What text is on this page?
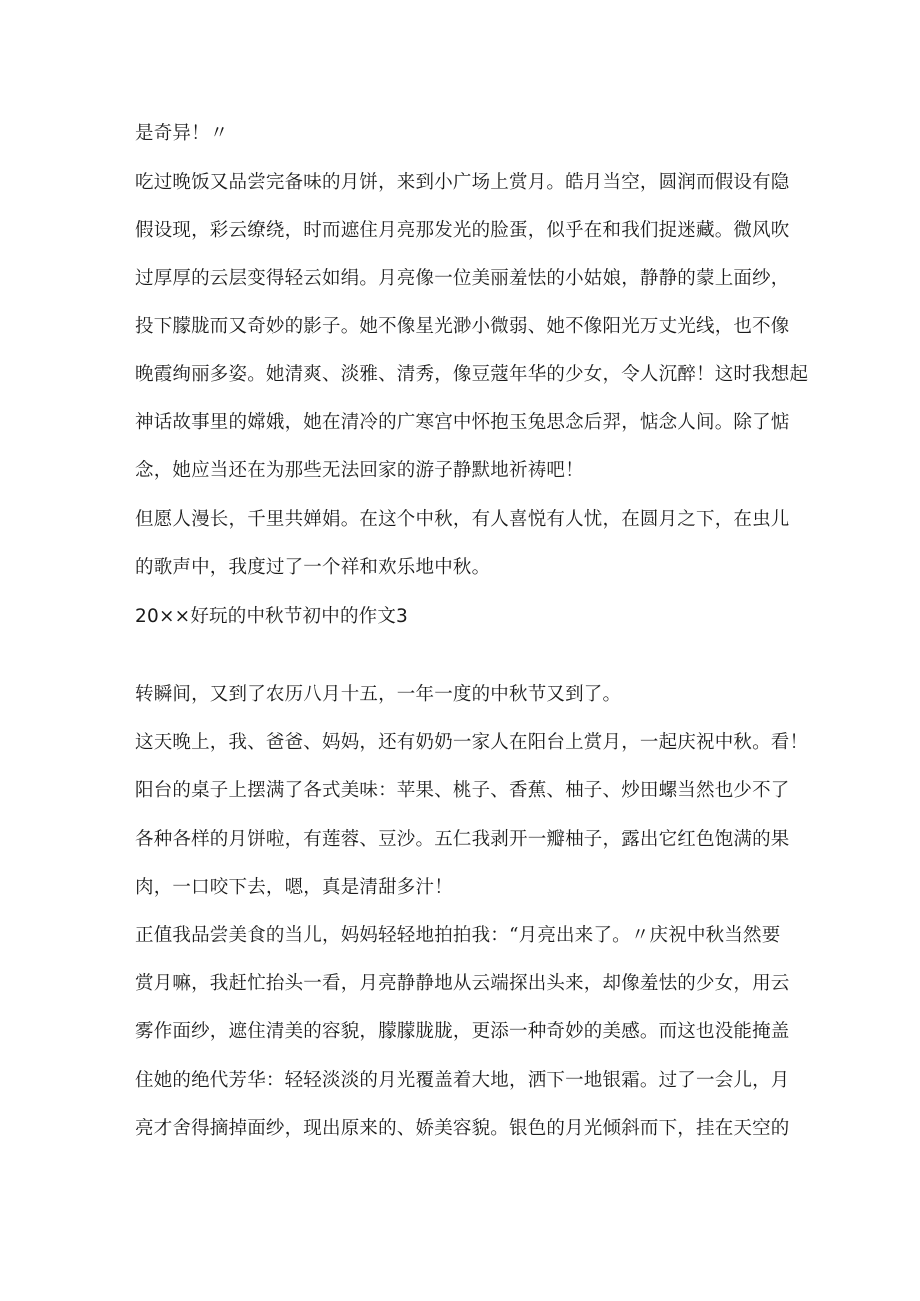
是奇异！〃
吃过晚饭又品尝完备味的月饼，来到小广场上赏月。皓月当空，圆润而假设有隐
假设现，彩云缭绕，时而遮住月亮那发光的脸蛋，似乎在和我们捉迷藏。微风吹
过厚厚的云层变得轻云如绢。月亮像一位美丽羞怯的小姑娘，静静的蒙上面纱，
投下朦胧而又奇妙的影子。她不像星光渺小微弱、她不像阳光万丈光线，也不像
晚霞绚丽多姿。她清爽、淡雅、清秀，像豆蔻年华的少女，令人沉醉！这时我想起
神话故事里的嫦娥，她在清冷的广寒宫中怀抱玉兔思念后羿，惦念人间。除了惦
念，她应当还在为那些无法回家的游子静默地祈祷吧！
但愿人漫长，千里共婵娟。在这个中秋，有人喜悦有人忧，在圆月之下，在虫儿
的歌声中，我度过了一个祥和欢乐地中秋。
20××好玩的中秋节初中的作文3
转瞬间，又到了农历八月十五，一年一度的中秋节又到了。
这天晚上，我、爸爸、妈妈，还有奶奶一家人在阳台上赏月，一起庆祝中秋。看！
阳台的桌子上摆满了各式美味：苹果、桃子、香蕉、柚子、炒田螺当然也少不了
各种各样的月饼啦，有莲蓉、豆沙。五仁我剥开一瓣柚子，露出它红色饱满的果
肉，一口咬下去，嗯，真是清甜多汁！
正值我品尝美食的当儿，妈妈轻轻地拍拍我：“月亮出来了。〃庆祝中秋当然要
赏月嘛，我赶忙抬头一看，月亮静静地从云端探出头来，却像羞怯的少女，用云
雾作面纱，遮住清美的容貌，朦朦胧胧，更添一种奇妙的美感。而这也没能掩盖
住她的绝代芳华：轻轻淡淡的月光覆盖着大地，洒下一地银霜。过了一会儿，月
亮才舍得摘掉面纱，现出原来的、娇美容貌。银色的月光倾斜而下，挂在天空的
